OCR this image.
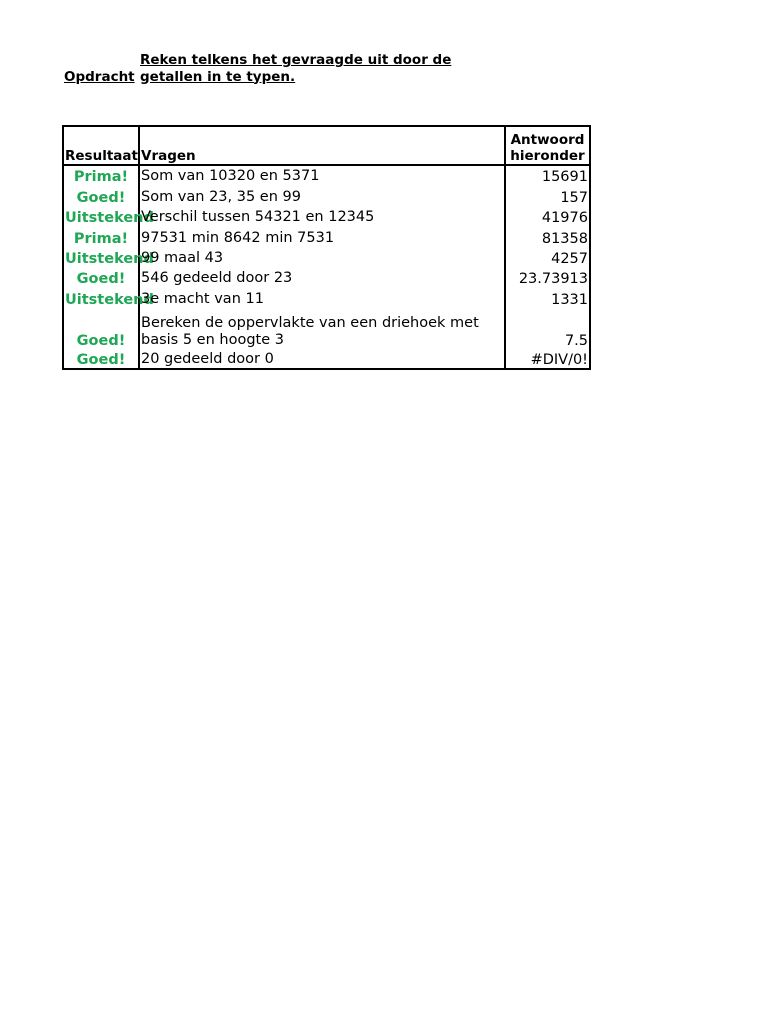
Opdracht
Reken telkens het gevraagde uit door de getallen in te typen.
Resultaat	Vragen	Antwoord hieronder
Prima!	Som van 10320 en 5371	15691
Goed!	Som van 23, 35 en 99	157
Uitstekend	Verschil tussen 54321 en 12345	41976
Prima!	97531 min 8642 min 7531	81358
Uitstekend	99 maal 43	4257
Goed!	546 gedeeld door 23	23.73913
Uitstekend	3e macht van 11	1331
Goed!	Bereken de oppervlakte van een driehoek met basis 5 en hoogte 3	7.5
Goed!	20 gedeeld door 0	#DIV/0!
